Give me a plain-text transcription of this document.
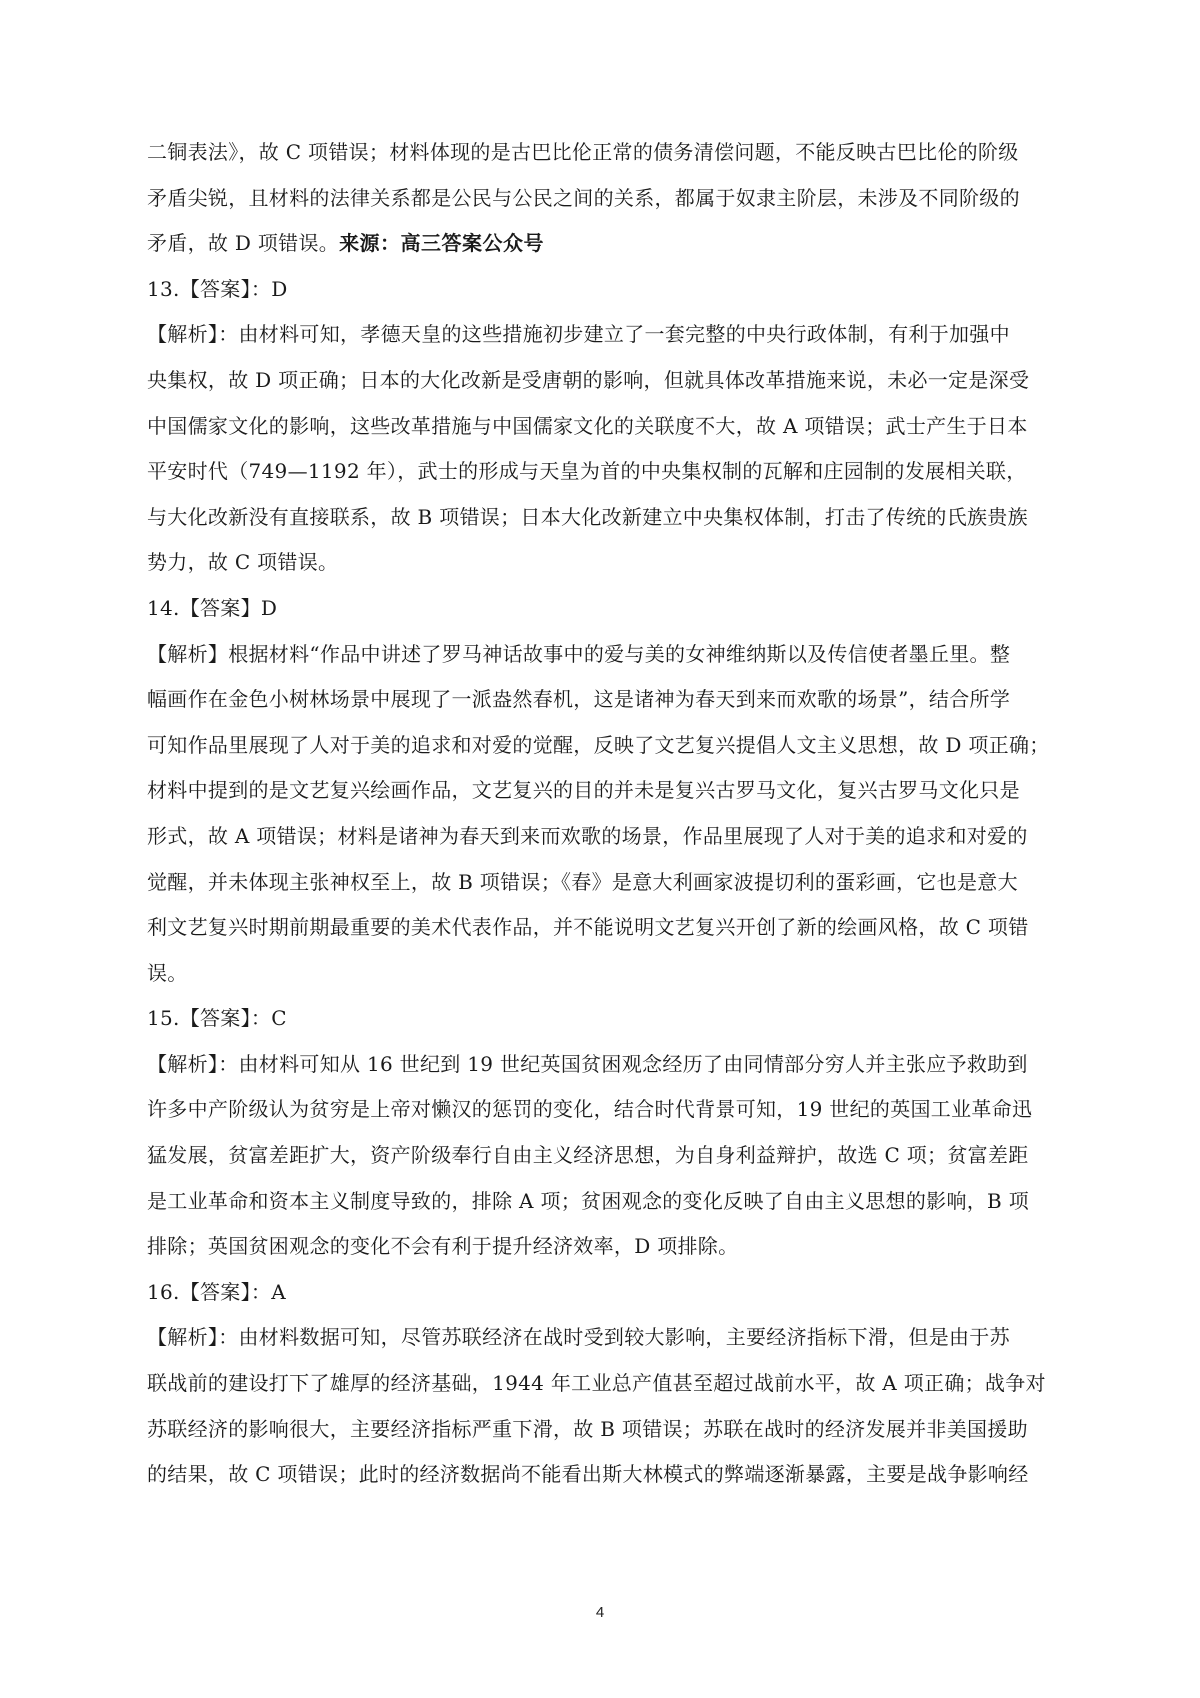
二铜表法》，故 C 项错误；材料体现的是古巴比伦正常的债务清偿问题，不能反映古巴比伦的阶级
矛盾尖锐，且材料的法律关系都是公民与公民之间的关系，都属于奴隶主阶层，未涉及不同阶级的
矛盾，故 D 项错误。来源：高三答案公众号
13.【答案】：D
【解析】：由材料可知，孝德天皇的这些措施初步建立了一套完整的中央行政体制，有利于加强中
央集权，故 D 项正确；日本的大化改新是受唐朝的影响，但就具体改革措施来说，未必一定是深受
中国儒家文化的影响，这些改革措施与中国儒家文化的关联度不大，故 A 项错误；武士产生于日本
平安时代（749—1192 年），武士的形成与天皇为首的中央集权制的瓦解和庄园制的发展相关联，
与大化改新没有直接联系，故 B 项错误；日本大化改新建立中央集权体制，打击了传统的氏族贵族
势力，故 C 项错误。
14.【答案】D
【解析】根据材料“作品中讲述了罗马神话故事中的爱与美的女神维纳斯以及传信使者墨丘里。整
幅画作在金色小树林场景中展现了一派盎然春机，这是诸神为春天到来而欢歌的场景”，结合所学
可知作品里展现了人对于美的追求和对爱的觉醒，反映了文艺复兴提倡人文主义思想，故 D 项正确；
材料中提到的是文艺复兴绘画作品，文艺复兴的目的并未是复兴古罗马文化，复兴古罗马文化只是
形式，故 A 项错误；材料是诸神为春天到来而欢歌的场景，作品里展现了人对于美的追求和对爱的
觉醒，并未体现主张神权至上，故 B 项错误；《春》是意大利画家波提切利的蛋彩画，它也是意大
利文艺复兴时期前期最重要的美术代表作品，并不能说明文艺复兴开创了新的绘画风格，故 C 项错
误。
15.【答案】：C
【解析】：由材料可知从 16 世纪到 19 世纪英国贫困观念经历了由同情部分穷人并主张应予救助到
许多中产阶级认为贫穷是上帝对懒汉的惩罚的变化，结合时代背景可知，19 世纪的英国工业革命迅
猛发展，贫富差距扩大，资产阶级奉行自由主义经济思想，为自身利益辩护，故选 C 项；贫富差距
是工业革命和资本主义制度导致的，排除 A 项；贫困观念的变化反映了自由主义思想的影响，B 项
排除；英国贫困观念的变化不会有利于提升经济效率，D 项排除。
16.【答案】：A
【解析】：由材料数据可知，尽管苏联经济在战时受到较大影响，主要经济指标下滑，但是由于苏
联战前的建设打下了雄厚的经济基础，1944 年工业总产值甚至超过战前水平，故 A 项正确；战争对
苏联经济的影响很大，主要经济指标严重下滑，故 B 项错误；苏联在战时的经济发展并非美国援助
的结果，故 C 项错误；此时的经济数据尚不能看出斯大林模式的弊端逐渐暴露，主要是战争影响经
4
